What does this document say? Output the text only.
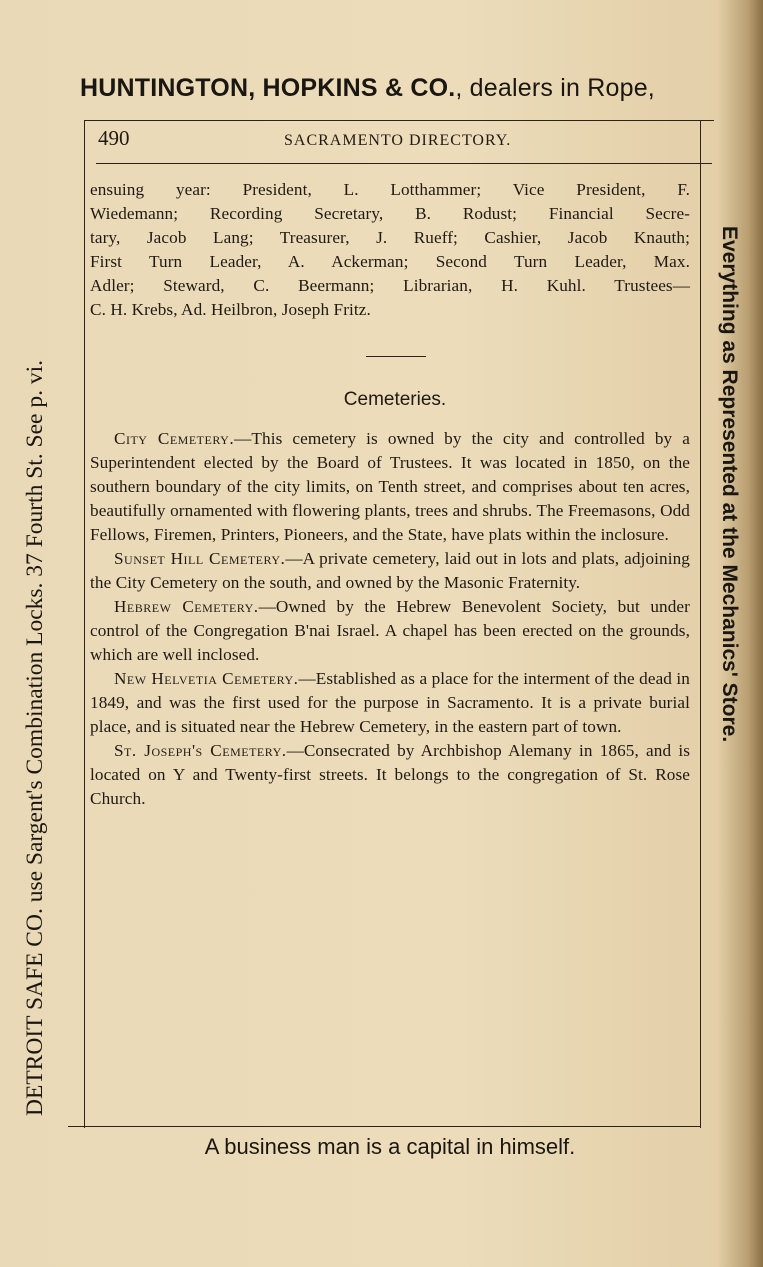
HUNTINGTON, HOPKINS & CO., dealers in Rope,
490	SACRAMENTO DIRECTORY.
ensuing year: President, L. Lotthammer; Vice President, F.
Wiedemann; Recording Secretary, B. Rodust; Financial Secre-
tary, Jacob Lang; Treasurer, J. Rueff; Cashier, Jacob Knauth;
First Turn Leader, A. Ackerman; Second Turn Leader, Max.
Adler; Steward, C. Beermann; Librarian, H. Kuhl. Trustees—
C. H. Krebs, Ad. Heilbron, Joseph Fritz.
Cemeteries.

City Cemetery.—This cemetery is owned by the city and controlled by a Superintendent elected by the Board of Trustees. It was located in 1850, on the southern boundary of the city limits, on Tenth street, and comprises about ten acres, beautifully ornamented with flowering plants, trees and shrubs. The Freemasons, Odd Fellows, Firemen, Printers, Pioneers, and the State, have plats within the inclosure.

Sunset Hill Cemetery.—A private cemetery, laid out in lots and plats, adjoining the City Cemetery on the south, and owned by the Masonic Fraternity.

Hebrew Cemetery.—Owned by the Hebrew Benevolent Society, but under control of the Congregation B'nai Israel. A chapel has been erected on the grounds, which are well inclosed.

New Helvetia Cemetery.—Established as a place for the interment of the dead in 1849, and was the first used for the purpose in Sacramento. It is a private burial place, and is situated near the Hebrew Cemetery, in the eastern part of town.

St. Joseph's Cemetery.—Consecrated by Archbishop Alemany in 1865, and is located on Y and Twenty-first streets. It belongs to the congregation of St. Rose Church.

DETROIT SAFE CO. use Sargent's Combination Locks. 37 Fourth St. See p. vi.	Everything as Represented at the Mechanics' Store.
A business man is a capital in himself.
